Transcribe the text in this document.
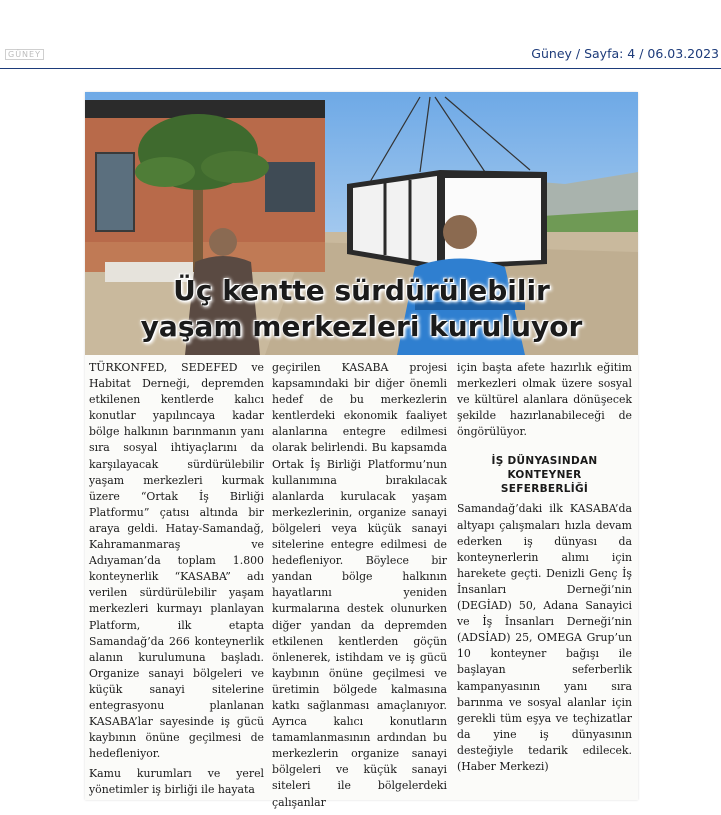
GÜNEY	Güney / Sayfa: 4 / 06.03.2023
Üç kentte sürdürülebilir
yaşam merkezleri kuruluyor

TÜRKONFED, SEDEFED ve Habitat Derneği, depremden etkilenen kentlerde kalıcı konutlar yapılıncaya kadar bölge halkının barınmanın yanı sıra sosyal ihtiyaçlarını da karşılayacak sürdürülebilir yaşam merkezleri kurmak üzere “Ortak İş Birliği Platformu” çatısı altında bir araya geldi. Hatay-Samandağ, Kahramanmaraş ve Adıyaman’da toplam 1.800 konteynerlik “KASABA” adı verilen sürdürülebilir yaşam merkezleri kurmayı planlayan Platform, ilk etapta Samandağ’da 266 konteynerlik alanın kurulumuna başladı. Organize sanayi bölgeleri ve küçük sanayi sitelerine entegrasyonu planlanan KASABA’lar sayesinde iş gücü kaybının önüne geçilmesi de hedefleniyor.

Kamu kurumları ve yerel yönetimler iş birliği ile hayata

geçirilen KASABA projesi kapsamındaki bir diğer önemli hedef de bu merkezlerin kentlerdeki ekonomik faaliyet alanlarına entegre edilmesi olarak belirlendi. Bu kapsamda Ortak İş Birliği Platformu’nun kullanımına bırakılacak alanlarda kurulacak yaşam merkezlerinin, organize sanayi bölgeleri veya küçük sanayi sitelerine entegre edilmesi de hedefleniyor. Böylece bir yandan bölge halkının hayatlarını yeniden kurmalarına destek olunurken diğer yandan da depremden etkilenen kentlerden göçün önlenerek, istihdam ve iş gücü kaybının önüne geçilmesi ve üretimin bölgede kalmasına katkı sağlanması amaçlanıyor. Ayrıca kalıcı konutların tamamlanmasının ardından bu merkezlerin organize sanayi bölgeleri ve küçük sanayi siteleri ile bölgelerdeki çalışanlar

için başta afete hazırlık eğitim merkezleri olmak üzere sosyal ve kültürel alanlara dönüşecek şekilde hazırlanabileceği de öngörülüyor.

İŞ DÜNYASINDAN
KONTEYNER
SEFERBERLİĞİ

Samandağ’daki ilk KASABA’da altyapı çalışmaları hızla devam ederken iş dünyası da konteynerlerin alımı için harekete geçti. Denizli Genç İş İnsanları Derneği’nin (DEGİAD) 50, Adana Sanayici ve İş İnsanları Derneği’nin (ADSİAD) 25, OMEGA Grup’un 10 konteyner bağışı ile başlayan seferberlik kampanyasının yanı sıra barınma ve sosyal alanlar için gerekli tüm eşya ve teçhizatlar da yine iş dünyasının desteğiyle tedarik edilecek. (Haber Merkezi)
